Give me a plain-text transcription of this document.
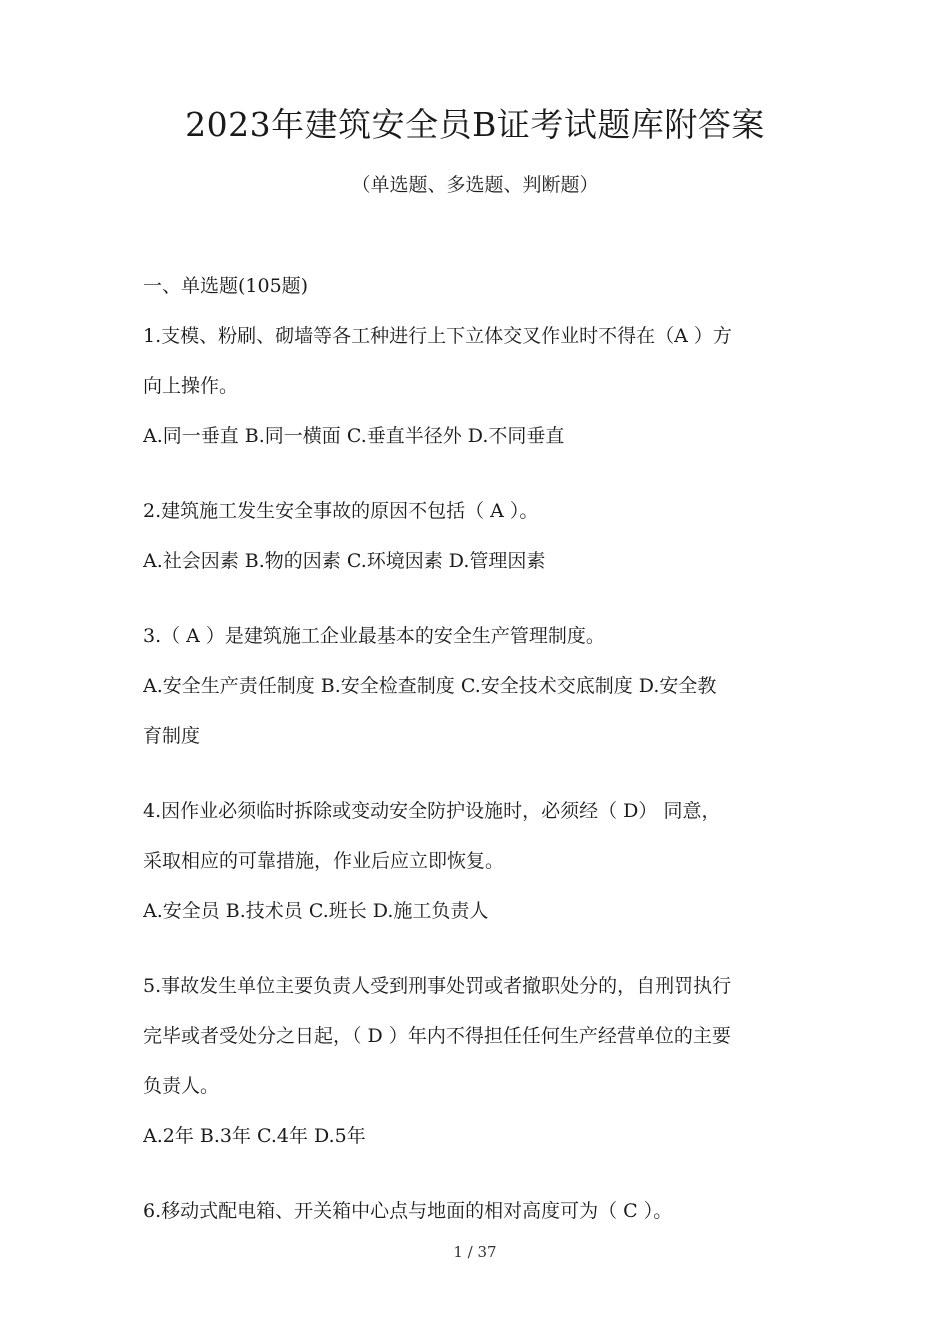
2023年建筑安全员B证考试题库附答案
（单选题、多选题、判断题）
一、单选题(105题)
1.支模、粉刷、砌墙等各工种进行上下立体交叉作业时不得在（A ）方
向上操作。
A.同一垂直 B.同一横面 C.垂直半径外 D.不同垂直
2.建筑施工发生安全事故的原因不包括（ A ）。
A.社会因素 B.物的因素 C.环境因素 D.管理因素
3.（ A ）是建筑施工企业最基本的安全生产管理制度。
A.安全生产责任制度 B.安全检查制度 C.安全技术交底制度 D.安全教
育制度
4.因作业必须临时拆除或变动安全防护设施时，必须经（ D） 同意，
采取相应的可靠措施，作业后应立即恢复。
A.安全员 B.技术员 C.班长 D.施工负责人
5.事故发生单位主要负责人受到刑事处罚或者撤职处分的，自刑罚执行
完毕或者受处分之日起，（ D ）年内不得担任任何生产经营单位的主要
负责人。
A.2年 B.3年 C.4年 D.5年
6.移动式配电箱、开关箱中心点与地面的相对高度可为（ C ）。
1 / 37
